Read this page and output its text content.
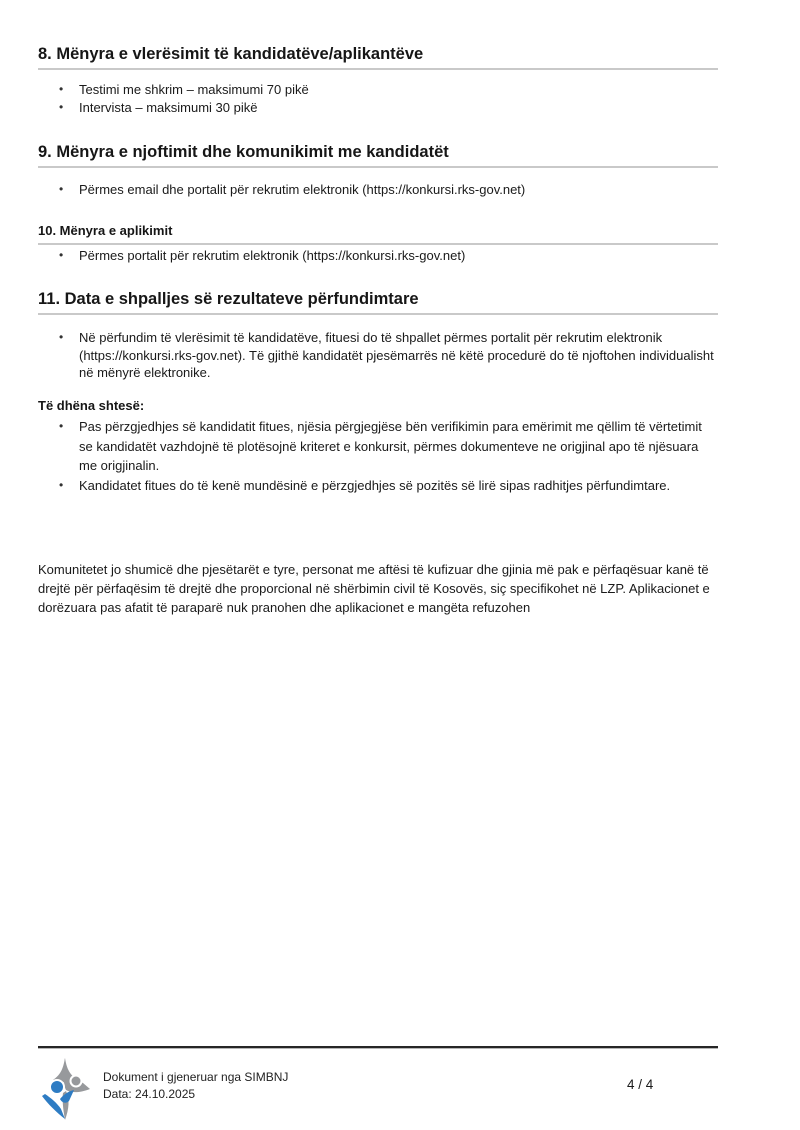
8. Mënyra e vlerësimit të kandidatëve/aplikantëve
• Testimi me shkrim – maksimumi 70 pikë
• Intervista – maksimumi 30 pikë
9. Mënyra e njoftimit dhe komunikimit me kandidatët
• Përmes email dhe portalit për rekrutim elektronik (https://konkursi.rks-gov.net)
10. Mënyra e aplikimit
• Përmes portalit për rekrutim elektronik (https://konkursi.rks-gov.net)
11. Data e shpalljes së rezultateve përfundimtare
• Në përfundim të vlerësimit të kandidatëve, fituesi do të shpallet përmes portalit për rekrutim elektronik (https://konkursi.rks-gov.net). Të gjithë kandidatët pjesëmarrës në këtë procedurë do të njoftohen individualisht në mënyrë elektronike.

Të dhëna shtesë:

• Pas përzgjedhjes së kandidatit fitues, njësia përgjegjëse bën verifikimin para emërimit me qëllim të vërtetimit se kandidatët vazhdojnë të plotësojnë kriteret e konkursit, përmes dokumenteve ne origjinal apo të njësuara me origjinalin.
• Kandidatet fitues do të kenë mundësinë e përzgjedhjes së pozitës së lirë sipas radhitjes përfundimtare.

Komunitetet jo shumicë dhe pjesëtarët e tyre, personat me aftësi të kufizuar dhe gjinia më pak e përfaqësuar kanë të drejtë për përfaqësim të drejtë dhe proporcional në shërbimin civil të Kosovës, siç specifikohet në LZP. Aplikacionet e dorëzuara pas afatit të paraparë nuk pranohen dhe aplikacionet e mangëta refuzohen

Dokument i gjeneruar nga SIMBNJ
Data: 24.10.2025
4 / 4
